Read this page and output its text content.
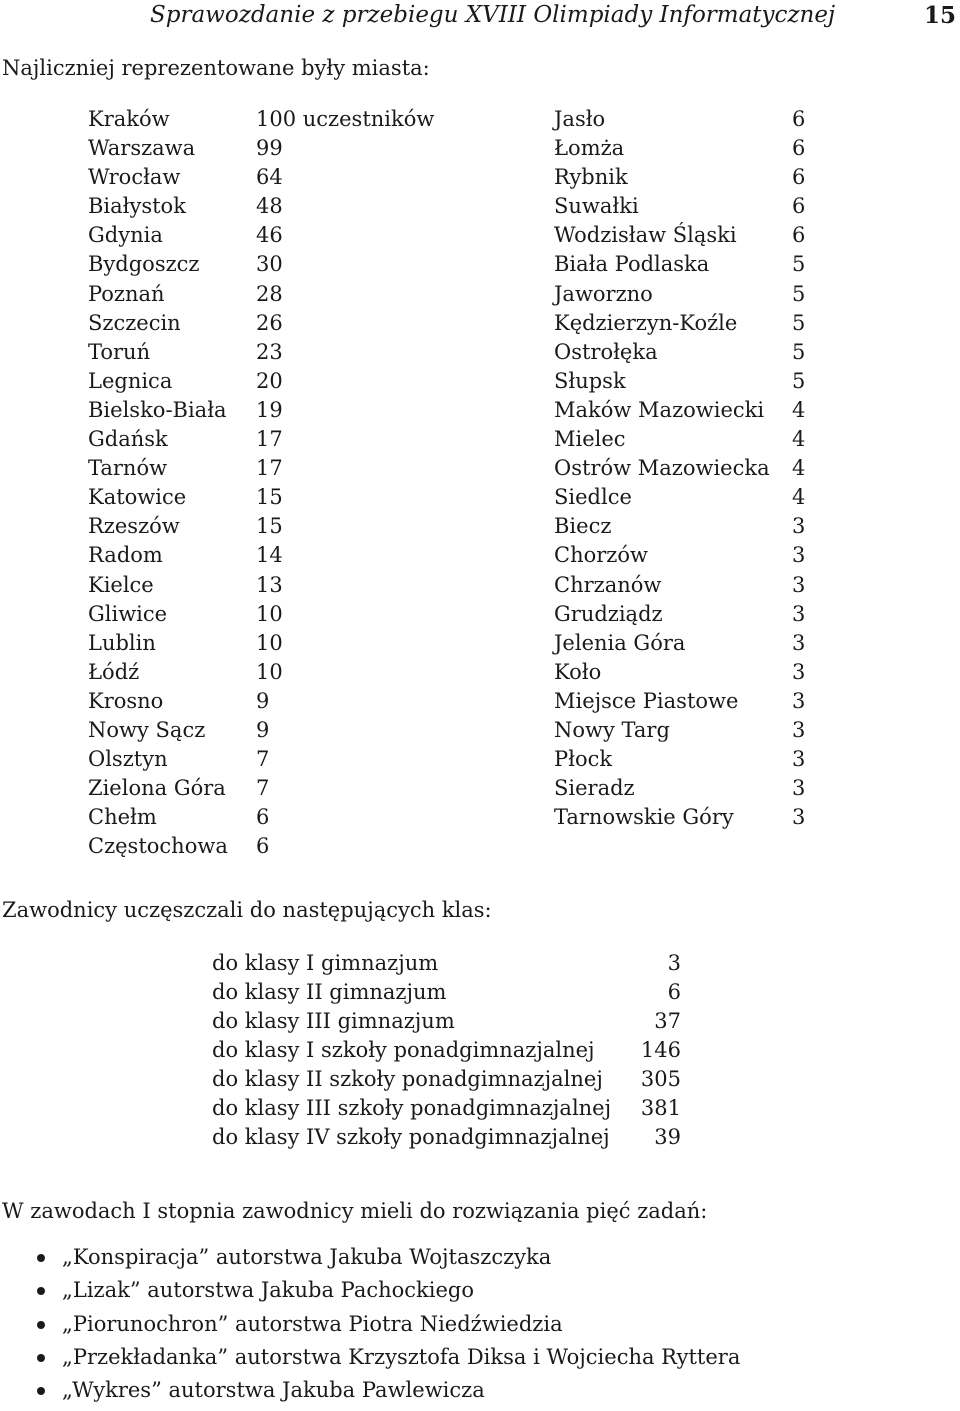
Sprawozdanie z przebiegu XVIII Olimpiady Informatycznej	15
Najliczniej reprezentowane były miasta:
Kraków	100 uczestników
Warszawa	99
Wrocław	64
Białystok	48
Gdynia	46
Bydgoszcz	30
Poznań	28
Szczecin	26
Toruń	23
Legnica	20
Bielsko-Biała	19
Gdańsk	17
Tarnów	17
Katowice	15
Rzeszów	15
Radom	14
Kielce	13
Gliwice	10
Lublin	10
Łódź	10
Krosno	9
Nowy Sącz	9
Olsztyn	7
Zielona Góra	7
Chełm	6
Częstochowa	6
Jasło	6
Łomża	6
Rybnik	6
Suwałki	6
Wodzisław Śląski	6
Biała Podlaska	5
Jaworzno	5
Kędzierzyn-Koźle	5
Ostrołęka	5
Słupsk	5
Maków Mazowiecki	4
Mielec	4
Ostrów Mazowiecka	4
Siedlce	4
Biecz	3
Chorzów	3
Chrzanów	3
Grudziądz	3
Jelenia Góra	3
Koło	3
Miejsce Piastowe	3
Nowy Targ	3
Płock	3
Sieradz	3
Tarnowskie Góry	3
Zawodnicy uczęszczali do następujących klas:
do klasy I gimnazjum	3
do klasy II gimnazjum	6
do klasy III gimnazjum	37
do klasy I szkoły ponadgimnazjalnej	146
do klasy II szkoły ponadgimnazjalnej	305
do klasy III szkoły ponadgimnazjalnej	381
do klasy IV szkoły ponadgimnazjalnej	39
W zawodach I stopnia zawodnicy mieli do rozwiązania pięć zadań:
„Konspiracja” autorstwa Jakuba Wojtaszczyka
„Lizak” autorstwa Jakuba Pachockiego
„Piorunochron” autorstwa Piotra Niedźwiedzia
„Przekładanka” autorstwa Krzysztofa Diksa i Wojciecha Ryttera
„Wykres” autorstwa Jakuba Pawlewicza
